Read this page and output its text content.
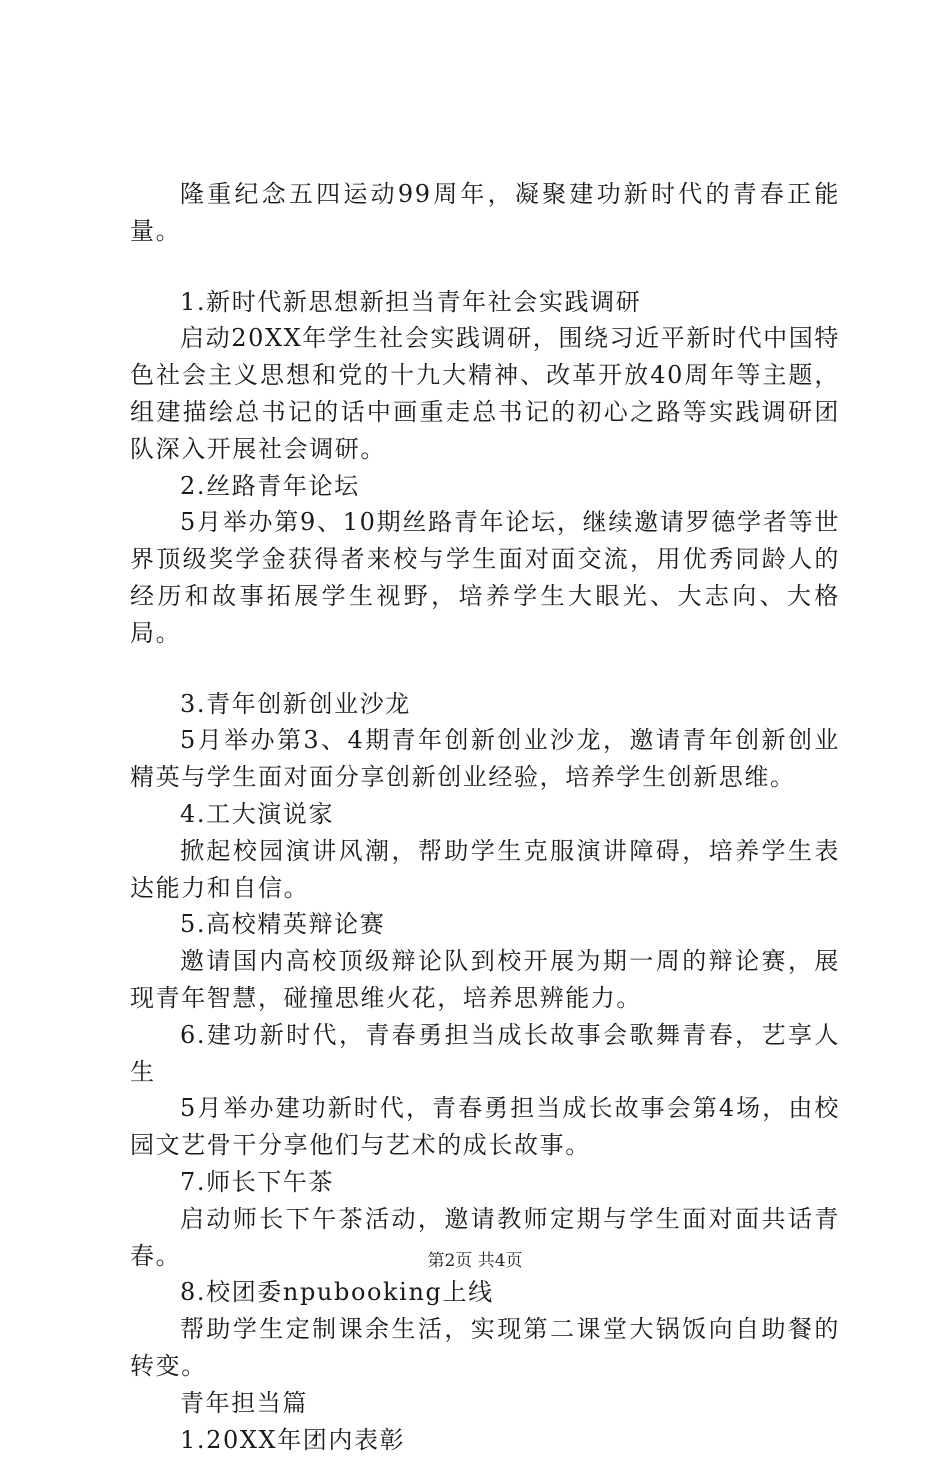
隆重纪念五四运动99周年，凝聚建功新时代的青春正能量。

1.新时代新思想新担当青年社会实践调研

启动20XX年学生社会实践调研，围绕习近平新时代中国特色社会主义思想和党的十九大精神、改革开放40周年等主题，组建描绘总书记的话中画重走总书记的初心之路等实践调研团队深入开展社会调研。

2.丝路青年论坛

5月举办第9、10期丝路青年论坛，继续邀请罗德学者等世界顶级奖学金获得者来校与学生面对面交流，用优秀同龄人的经历和故事拓展学生视野，培养学生大眼光、大志向、大格局。

3.青年创新创业沙龙

5月举办第3、4期青年创新创业沙龙，邀请青年创新创业精英与学生面对面分享创新创业经验，培养学生创新思维。

4.工大演说家

掀起校园演讲风潮，帮助学生克服演讲障碍，培养学生表达能力和自信。

5.高校精英辩论赛

邀请国内高校顶级辩论队到校开展为期一周的辩论赛，展现青年智慧，碰撞思维火花，培养思辨能力。

6.建功新时代，青春勇担当成长故事会歌舞青春，艺享人生

5月举办建功新时代，青春勇担当成长故事会第4场，由校园文艺骨干分享他们与艺术的成长故事。

7.师长下午茶

启动师长下午茶活动，邀请教师定期与学生面对面共话青春。

8.校团委npubooking上线

帮助学生定制课余生活，实现第二课堂大锅饭向自助餐的转变。

青年担当篇

1.20XX年团内表彰

第2页 共4页
